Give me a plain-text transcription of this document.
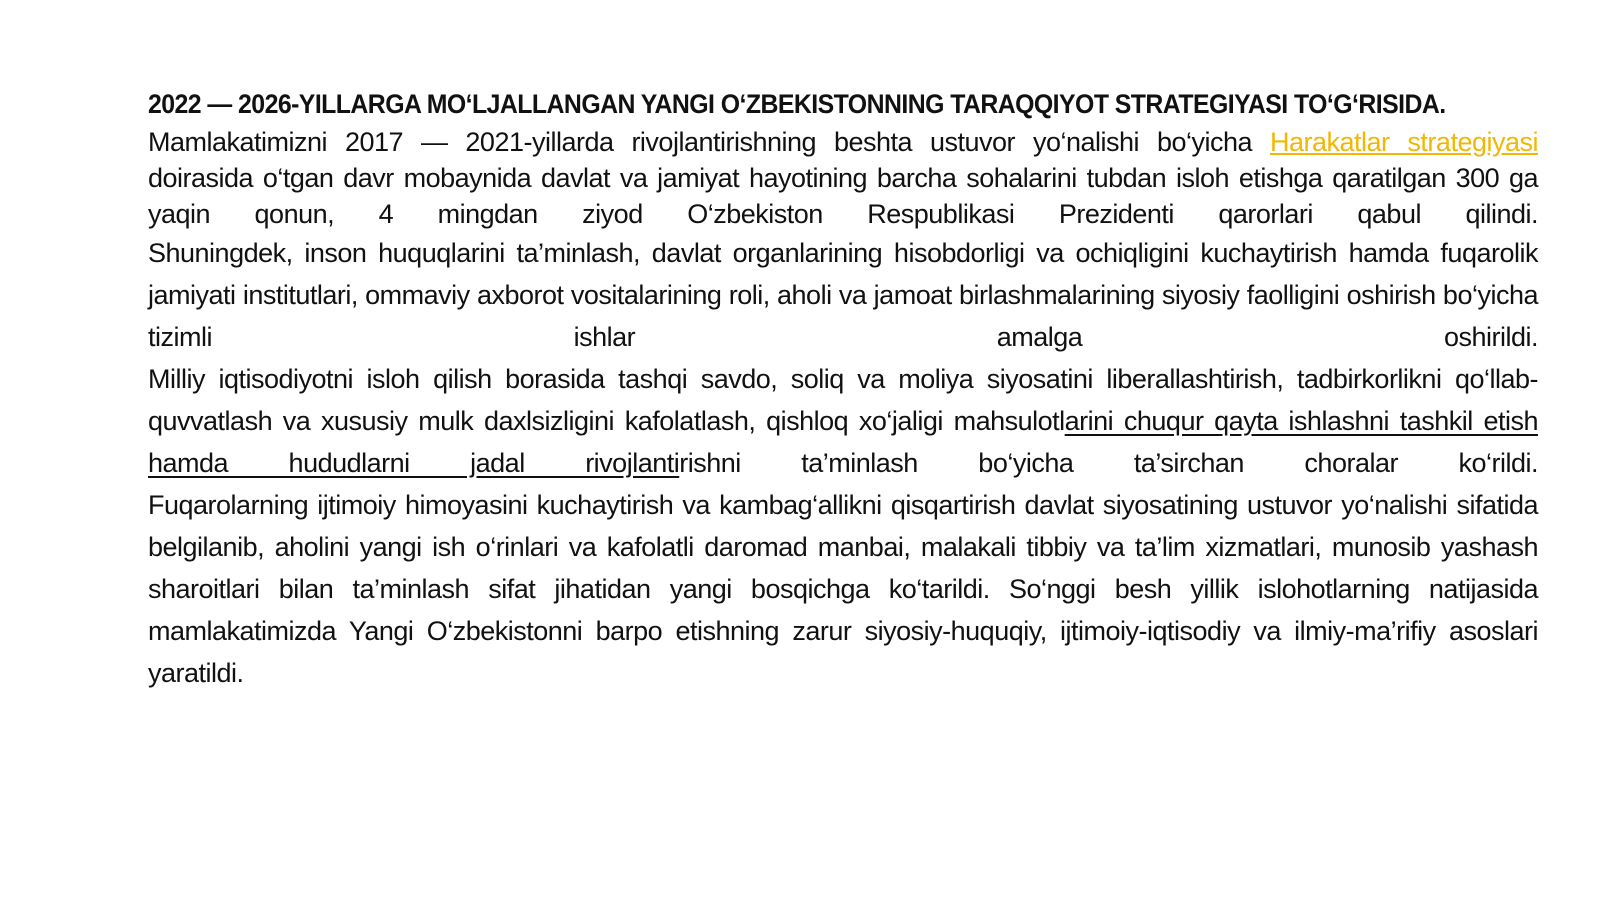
2022 — 2026-YILLARGA MO‘LJALLANGAN YANGI O‘ZBEKISTONNING TARAQQIYOT STRATEGIYASI TO‘G‘RISIDA.

Mamlakatimizni 2017 — 2021-yillarda rivojlantirishning beshta ustuvor yo‘nalishi bo‘yicha Harakatlar strategiyasi doirasida o‘tgan davr mobaynida davlat va jamiyat hayotining barcha sohalarini tubdan isloh etishga qaratilgan 300 ga yaqin qonun, 4 mingdan ziyod O‘zbekiston Respublikasi Prezidenti qarorlari qabul qilindi.

Shuningdek, inson huquqlarini ta’minlash, davlat organlarining hisobdorligi va ochiqligini kuchaytirish hamda fuqarolik jamiyati institutlari, ommaviy axborot vositalarining roli, aholi va jamoat birlashmalarining siyosiy faolligini oshirish bo‘yicha tizimli ishlar amalga oshirildi.

Milliy iqtisodiyotni isloh qilish borasida tashqi savdo, soliq va moliya siyosatini liberallashtirish, tadbirkorlikni qo‘llab-quvvatlash va xususiy mulk daxlsizligini kafolatlash, qishloq xo‘jaligi mahsulotlarini chuqur qayta ishlashni tashkil etish hamda hududlarni jadal rivojlantirishni ta’minlash bo‘yicha ta’sirchan choralar ko‘rildi.

Fuqarolarning ijtimoiy himoyasini kuchaytirish va kambag‘allikni qisqartirish davlat siyosatining ustuvor yo‘nalishi sifatida belgilanib, aholini yangi ish o‘rinlari va kafolatli daromad manbai, malakali tibbiy va ta’lim xizmatlari, munosib yashash sharoitlari bilan ta’minlash sifat jihatidan yangi bosqichga ko‘tarildi. So‘nggi besh yillik islohotlarning natijasida mamlakatimizda Yangi O‘zbekistonni barpo etishning zarur siyosiy-huquqiy, ijtimoiy-iqtisodiy va ilmiy-ma’rifiy asoslari yaratildi.
